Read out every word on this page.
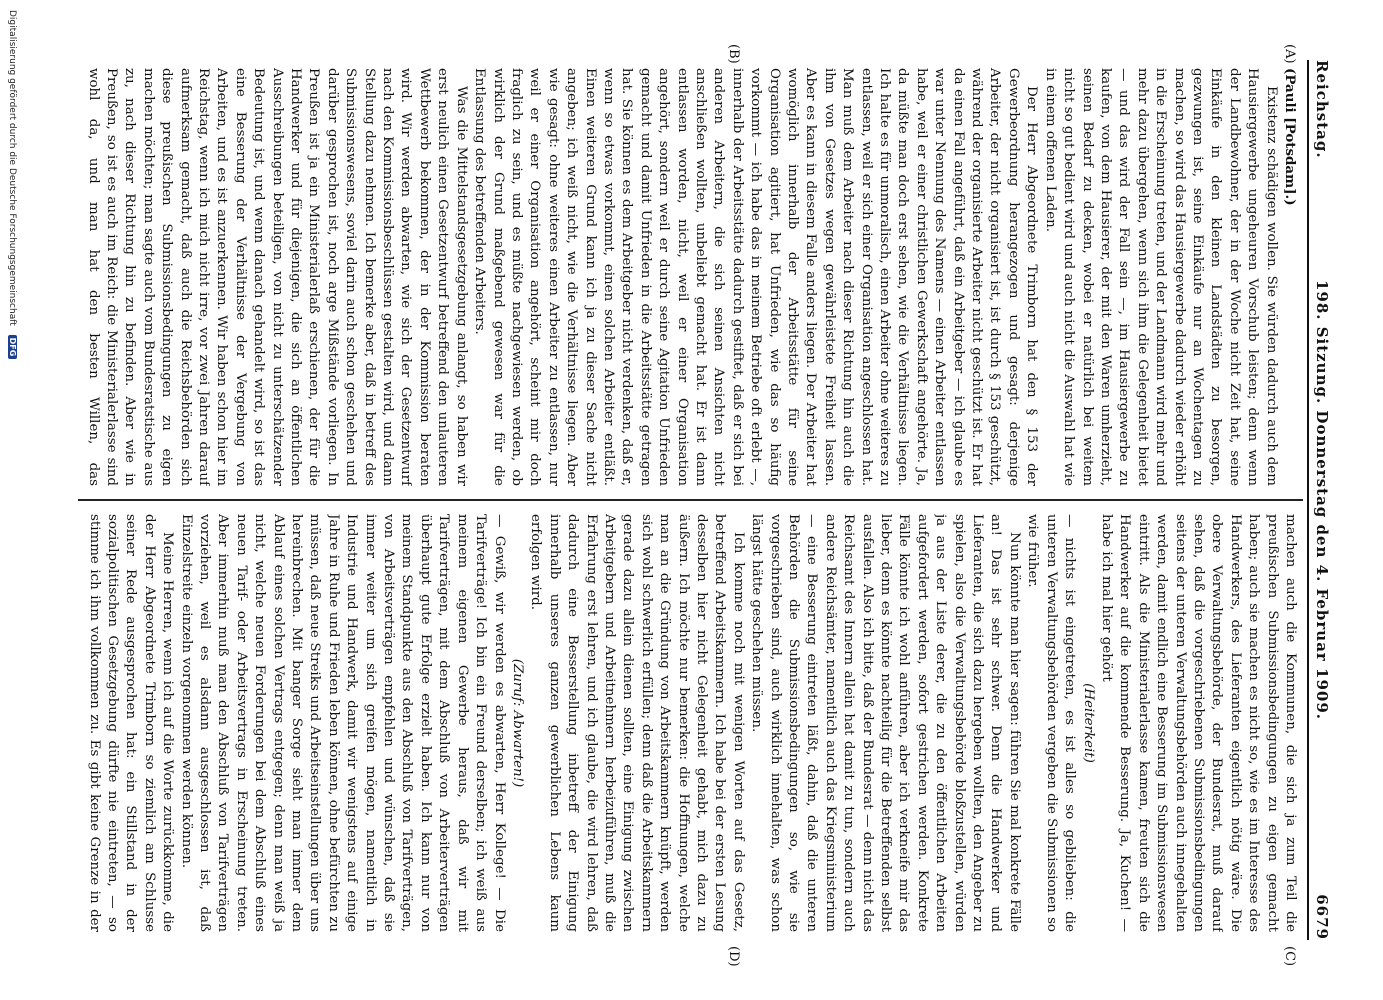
Reichstag.
198. Sitzung. Donnerstag den 4. Februar 1909.
6679
(A)
(B)
(C)
(D)

(Pauli [Potsdam].)

Existenz schädigen wollen. Sie würden dadurch auch dem Hausiergewerbe ungeheuren Vorschub leisten; denn wenn der Landbewohner, der in der Woche nicht Zeit hat, seine Einkäufe in den kleinen Landstädten zu besorgen, gezwungen ist, seine Einkäufe nur an Wochentagen zu machen, so wird das Hausiergewerbe dadurch wieder erhöht in die Erscheinung treten, und der Landmann wird mehr und mehr dazu übergehen, wenn sich ihm die Gelegenheit bietet — und das wird der Fall sein —, im Hausiergewerbe zu kaufen, von dem Hausierer, der mit den Waren umherzieht, seinen Bedarf zu decken, wobei er natürlich bei weitem nicht so gut bedient wird und auch nicht die Auswahl hat wie in einem offenen Laden.

Der Herr Abgeordnete Trimborn hat den § 153 der Gewerbeordnung herangezogen und gesagt: derjenige Arbeiter, der nicht organisiert ist, ist durch § 153 geschützt, während der organisierte Arbeiter nicht geschützt ist. Er hat da einen Fall angeführt, daß ein Arbeitgeber — ich glaube es war unter Nennung des Namens — einen Arbeiter entlassen habe, weil er einer christlichen Gewerkschaft angehörte. Ja, da müßte man doch erst sehen, wie die Verhältnisse liegen. Ich halte es für unmoralisch, einen Arbeiter ohne weiteres zu entlassen, weil er sich einer Organisation angeschlossen hat. Man muß dem Arbeiter nach dieser Richtung hin auch die ihm von Gesetzes wegen gewährleistete Freiheit lassen. Aber es kann in diesem Falle anders liegen. Der Arbeiter hat womöglich innerhalb der Arbeitsstätte für seine Organisation agitiert, hat Unfrieden, wie das so häufig vorkommt — ich habe das in meinem Betriebe oft erlebt —, innerhalb der Arbeitsstätte dadurch gestiftet, daß er sich bei anderen Arbeitern, die sich seinen Ansichten nicht anschließen wollten, unbeliebt gemacht hat. Er ist dann entlassen worden, nicht, weil er einer Organisation angehört, sondern weil er durch seine Agitation Unfrieden gemacht und damit Unfrieden in die Arbeitsstätte getragen hat. Sie können es dem Arbeitgeber nicht verdenken, daß er, wenn so etwas vorkommt, einen solchen Arbeiter entläßt. Einen weiteren Grund kann ich ja zu dieser Sache nicht angeben; ich weiß nicht, wie die Verhältnisse liegen. Aber wie gesagt: ohne weiteres einen Arbeiter zu entlassen, nur weil er einer Organisation angehört, scheint mir doch fraglich zu sein, und es müßte nachgewiesen werden, ob wirklich der Grund maßgebend gewesen war für die Entlassung des betreffenden Arbeiters.

Was die Mittelstandsgesetzgebung anlangt, so haben wir erst neulich einen Gesetzentwurf betreffend den unlauteren Wettbewerb bekommen, der in der Kommission beraten wird. Wir werden abwarten, wie sich der Gesetzentwurf nach den Kommissionsbeschlüssen gestalten wird, und dann Stellung dazu nehmen. Ich bemerke aber, daß in betreff des Submissionswesens, soviel darin auch schon geschehen und darüber gesprochen ist, noch arge Mißstände vorliegen. In Preußen ist ja ein Ministerialerlaß erschienen, der für die Handwerker und für diejenigen, die sich an öffentlichen Ausschreibungen beteiligen, von nicht zu unterschätzender Bedeutung ist, und wenn danach gehandelt wird, so ist das eine Besserung der Verhältnisse der Vergebung von Arbeiten, und es ist anzuerkennen. Wir haben schon hier im Reichstag, wenn ich mich nicht irre, vor zwei Jahren darauf aufmerksam gemacht, daß auch die Reichsbehörden sich diese preußischen Submissionsbedingungen zu eigen machen möchten; man sagte auch vom Bundesratstische aus zu, nach dieser Richtung hin zu befinden. Aber wie in Preußen, so ist es auch im Reich: die Ministerialerlasse sind wohl da, und man hat den besten Willen, das

machen auch die Kommunen, die sich ja zum Teil die preußischen Submissionsbedingungen zu eigen gemacht haben; auch sie machen es nicht so, wie es im Interesse des Handwerkers, des Lieferanten eigentlich nötig wäre. Die obere Verwaltungsbehörde, der Bundesrat, muß darauf sehen, daß die vorgeschriebenen Submissionsbedingungen seitens der unteren Verwaltungsbehörden auch innegehalten werden, damit endlich eine Besserung im Submissionswesen eintritt. Als die Ministerialerlasse kamen, freuten sich die Handwerker auf die kommende Besserung. Ja, Kuchen! — habe ich mal hier gehört

(Heiterkeit)

— nichts ist eingetreten, es ist alles so geblieben: die unteren Verwaltungsbehörden vergeben die Submissionen so wie früher.

Nun könnte man hier sagen: führen Sie mal konkrete Fälle an! Das ist sehr schwer. Denn die Handwerker und Lieferanten, die sich dazu hergeben wollten, den Angeber zu spielen, also die Verwaltungsbehörde bloßzustellen, würden ja aus der Liste derer, die zu den öffentlichen Arbeiten aufgefordert werden, sofort gestrichen werden. Konkrete Fälle könnte ich wohl anführen, aber ich verkneife mir das lieber, denn es könnte nachteilig für die Betreffenden selbst ausfallen. Also ich bitte, daß der Bundesrat — denn nicht das Reichsamt des Innern allein hat damit zu tun, sondern auch andere Reichsämter, namentlich auch das Kriegsministerium — eine Besserung eintreten läßt, dahin, daß die unteren Behörden die Submissionsbedingungen so, wie sie vorgeschrieben sind, auch wirklich innehalten, was schon längst hätte geschehen müssen.

Ich komme noch mit wenigen Worten auf das Gesetz, betreffend Arbeitskammern. Ich habe bei der ersten Lesung desselben hier nicht Gelegenheit gehabt, mich dazu zu äußern. Ich möchte nur bemerken: die Hoffnungen, welche man an die Gründung von Arbeitskammern knüpft, werden sich wohl schwerlich erfüllen; denn daß die Arbeitskammern gerade dazu allein dienen sollten, eine Einigung zwischen Arbeitgebern und Arbeitnehmern herbeizuführen, muß die Erfahrung erst lehren, und ich glaube, die wird lehren, daß dadurch eine Besserstellung inbetreff der Einigung innerhalb unseres ganzen gewerblichen Lebens kaum erfolgen wird.

(Zuruf: Abwarten!)

— Gewiß, wir werden es abwarten, Herr Kollege! — Die Tarifverträge! Ich bin ein Freund derselben; ich weiß aus meinem eigenen Gewerbe heraus, daß wir mit Tarifverträgen, mit dem Abschluß von Arbeiterverträgen überhaupt gute Erfolge erzielt haben. Ich kann nur von meinem Standpunkte aus den Abschluß von Tarifverträgen, von Arbeitsverträgen empfehlen und wünschen, daß sie immer weiter um sich greifen mögen, namentlich in Industrie und Handwerk, damit wir wenigstens auf einige Jahre in Ruhe und Frieden leben können, ohne befürchten zu müssen, daß neue Streiks und Arbeitseinstellungen über uns hereinbrechen. Mit banger Sorge sieht man immer dem Ablauf eines solchen Vertrags entgegen; denn man weiß ja nicht, welche neuen Forderungen bei dem Abschluß eines neuen Tarif- oder Arbeitsvertrags in Erscheinung treten. Aber immerhin muß man den Abschluß von Tarifverträgen vorziehen, weil es alsdann ausgeschlossen ist, daß Einzelstreite einzeln vorgenommen werden können.

Meine Herren, wenn ich auf die Worte zurückkomme, die der Herr Abgeordnete Trimborn so ziemlich am Schlusse seiner Rede ausgesprochen hat: ein Stillstand in der sozialpolitischen Gesetzgebung dürfte nie eintreten, — so stimme ich ihm vollkommen zu. Es gibt keine Grenze in der

Digitalisierung gefördert durch die Deutsche Forschungsgemeinschaft DFG
